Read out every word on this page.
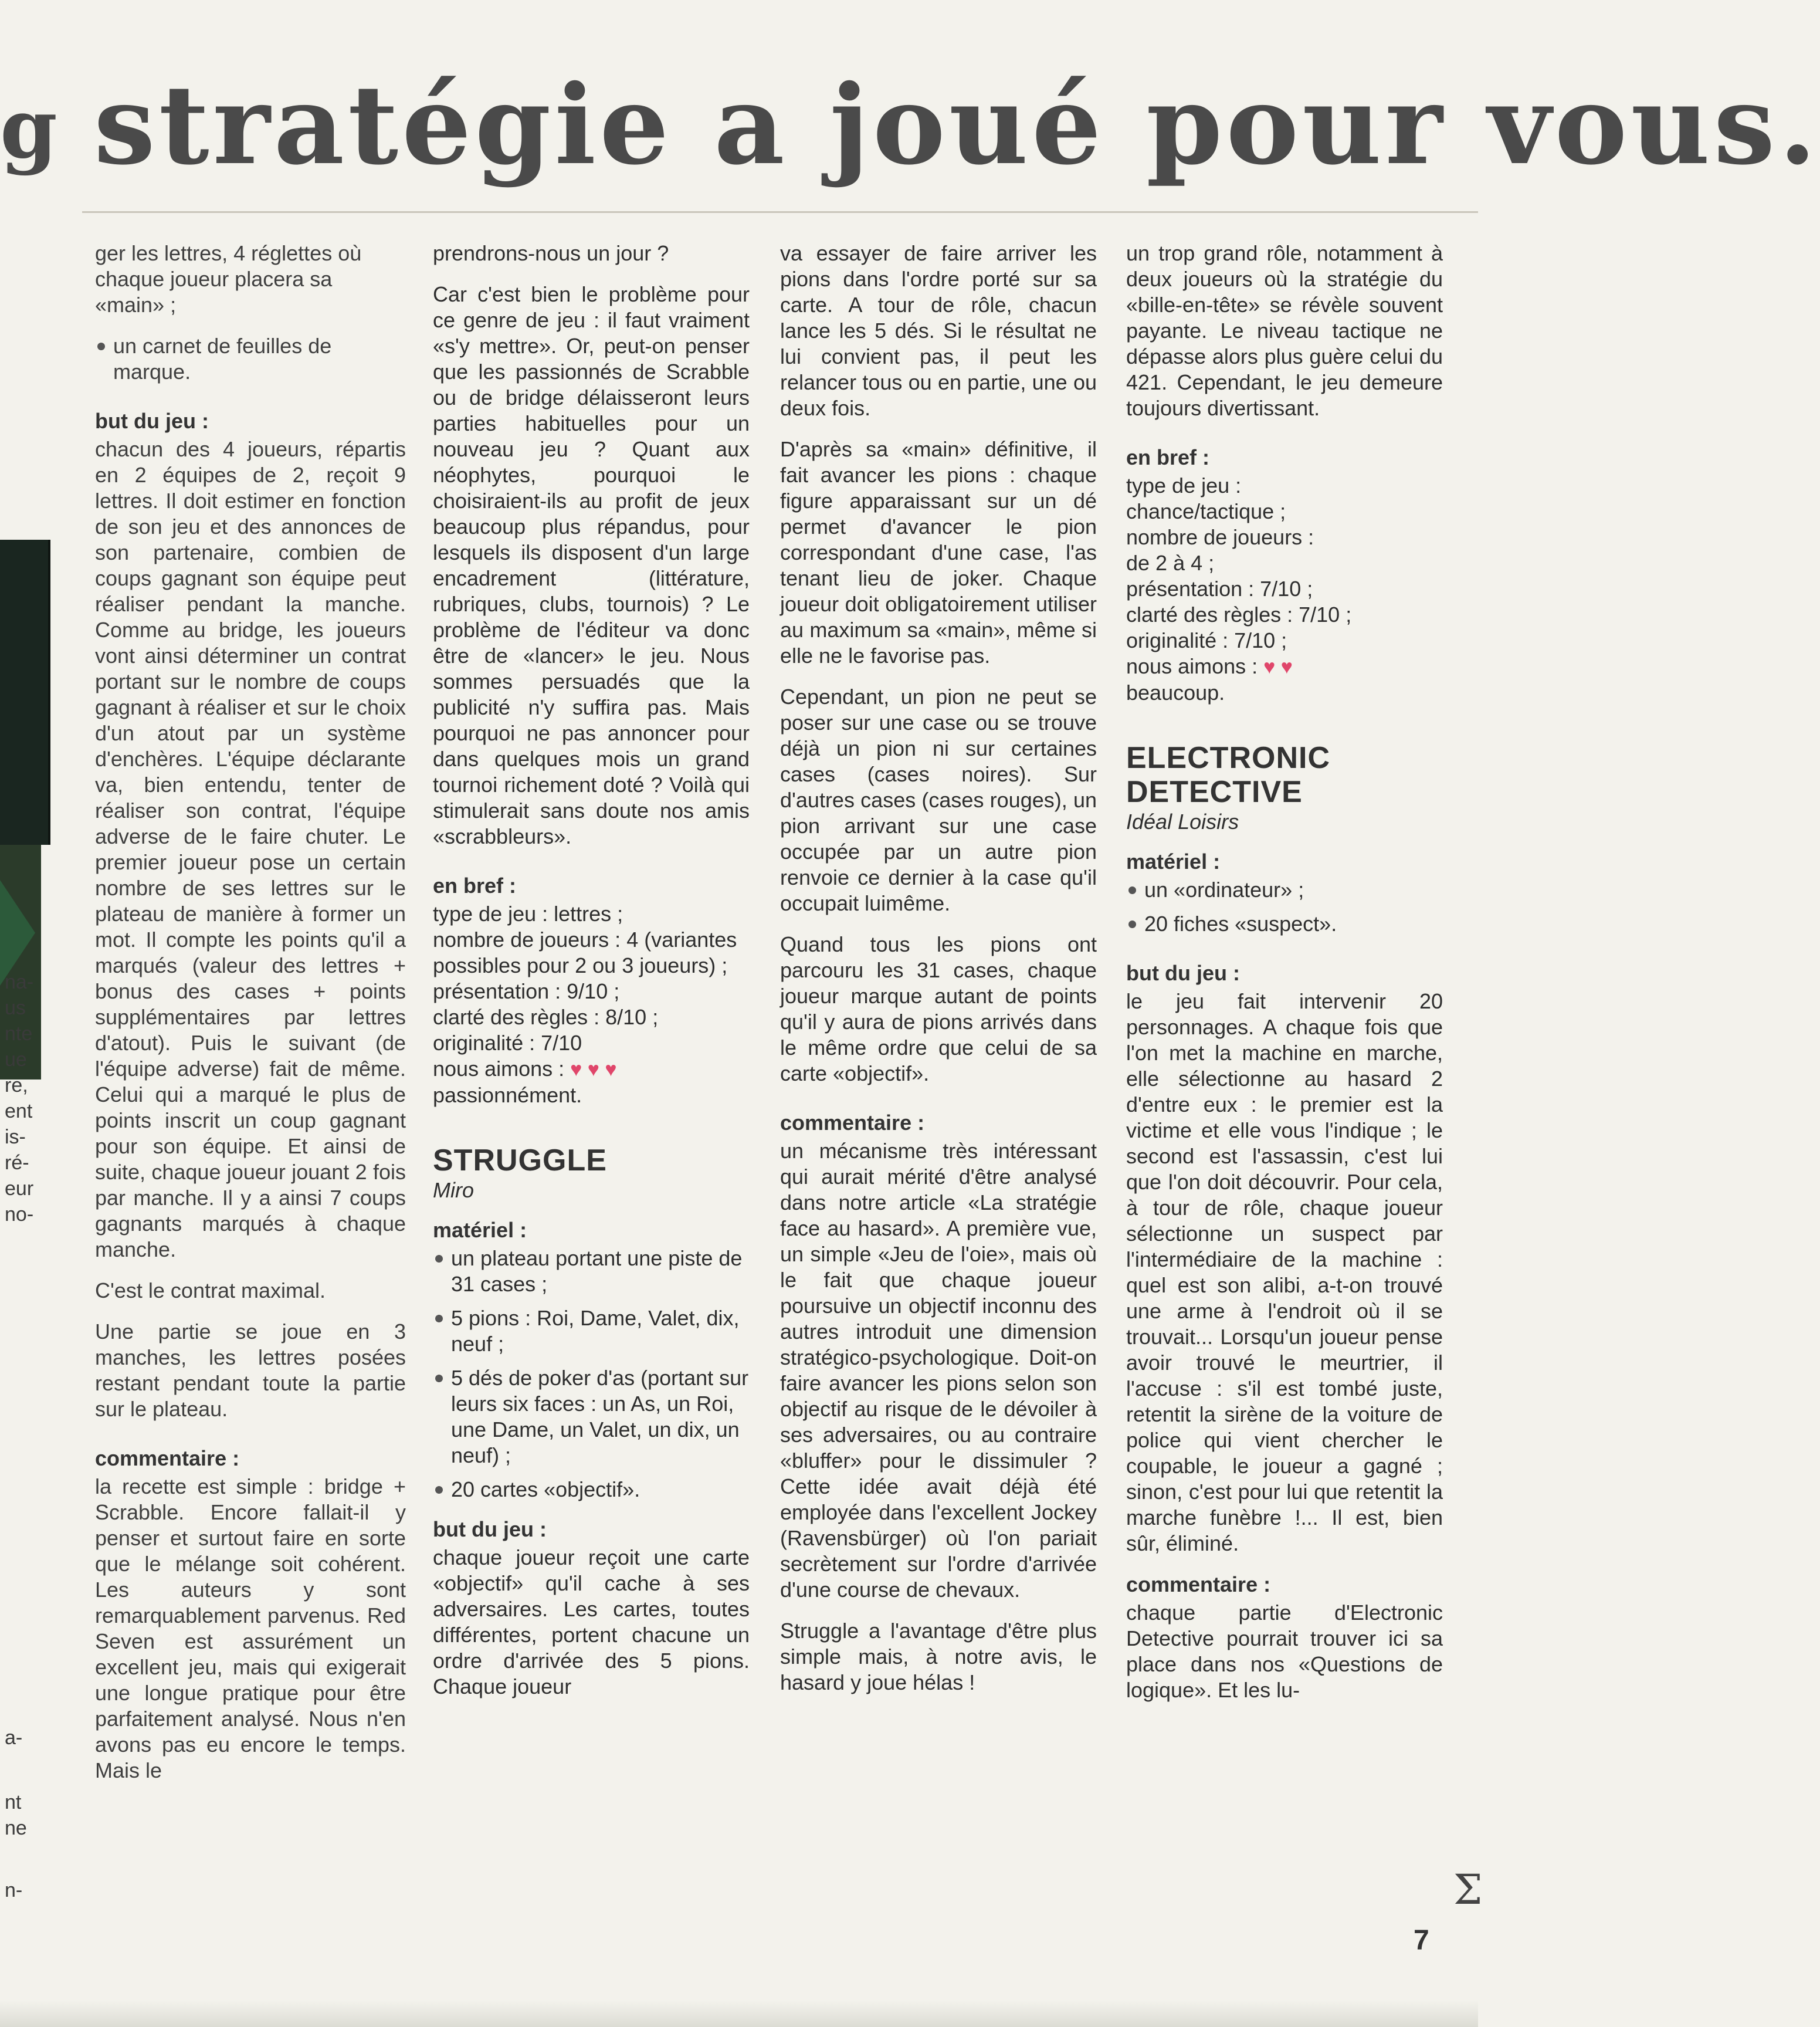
na-
us
nte
ue
re,
ent
is-
ré-
eur
no-
a-
nt
ne
n-
g stratégie a joué pour vous.

ger les lettres, 4 réglettes où
chaque joueur placera sa
«main» ;

un carnet de feuilles de marque.
but du jeu :

chacun des 4 joueurs, répartis en 2 équipes de 2, reçoit 9 lettres. Il doit estimer en fonction de son jeu et des annonces de son partenaire, combien de coups gagnant son équipe peut réaliser pendant la manche. Comme au bridge, les joueurs vont ainsi déterminer un contrat portant sur le nombre de coups gagnant à réaliser et sur le choix d'un atout par un système d'enchères. L'équipe déclarante va, bien entendu, tenter de réaliser son contrat, l'équipe adverse de le faire chuter. Le premier joueur pose un certain nombre de ses lettres sur le plateau de manière à former un mot. Il compte les points qu'il a marqués (valeur des lettres + bonus des cases + points supplémentaires par lettres d'atout). Puis le suivant (de l'équipe adverse) fait de même. Celui qui a marqué le plus de points inscrit un coup gagnant pour son équipe. Et ainsi de suite, chaque joueur jouant 2 fois par manche. Il y a ainsi 7 coups gagnants marqués à chaque manche.

C'est le contrat maximal.

Une partie se joue en 3 manches, les lettres posées restant pendant toute la partie sur le plateau.

commentaire :

la recette est simple : bridge + Scrabble. Encore fallait-il y penser et surtout faire en sorte que le mélange soit cohérent. Les auteurs y sont remarquablement parvenus. Red Seven est assurément un excellent jeu, mais qui exigerait une longue pratique pour être parfaitement analysé. Nous n'en avons pas eu encore le temps. Mais le

prendrons-nous un jour ?

Car c'est bien le problème pour ce genre de jeu : il faut vraiment «s'y mettre». Or, peut-on penser que les passionnés de Scrabble ou de bridge délaisseront leurs parties habituelles pour un nouveau jeu ? Quant aux néophytes, pourquoi le choisiraient-ils au profit de jeux beaucoup plus répandus, pour lesquels ils disposent d'un large encadrement (littérature, rubriques, clubs, tournois) ? Le problème de l'éditeur va donc être de «lancer» le jeu. Nous sommes persuadés que la publicité n'y suffira pas. Mais pourquoi ne pas annoncer pour dans quelques mois un grand tournoi richement doté ? Voilà qui stimulerait sans doute nos amis «scrabbleurs».

en bref :
type de jeu : lettres ;
nombre de joueurs : 4 (variantes possibles pour 2 ou 3 joueurs) ;
présentation : 9/10 ;
clarté des règles : 8/10 ;
originalité : 7/10
nous aimons : ♥ ♥ ♥
passionnément.
STRUGGLE
Miro
matériel :
un plateau portant une piste de 31 cases ;
5 pions : Roi, Dame, Valet, dix, neuf ;
5 dés de poker d'as (portant sur leurs six faces : un As, un Roi, une Dame, un Valet, un dix, un neuf) ;
20 cartes «objectif».
but du jeu :

chaque joueur reçoit une carte «objectif» qu'il cache à ses adversaires. Les cartes, toutes différentes, portent chacune un ordre d'arrivée des 5 pions. Chaque joueur

va essayer de faire arriver les pions dans l'ordre porté sur sa carte. A tour de rôle, chacun lance les 5 dés. Si le résultat ne lui convient pas, il peut les relancer tous ou en partie, une ou deux fois.

D'après sa «main» définitive, il fait avancer les pions : chaque figure apparaissant sur un dé permet d'avancer le pion correspondant d'une case, l'as tenant lieu de joker. Chaque joueur doit obligatoirement utiliser au maximum sa «main», même si elle ne le favorise pas.

Cependant, un pion ne peut se poser sur une case ou se trouve déjà un pion ni sur certaines cases (cases noires). Sur d'autres cases (cases rouges), un pion arrivant sur une case occupée par un autre pion renvoie ce dernier à la case qu'il occupait luimême.

Quand tous les pions ont parcouru les 31 cases, chaque joueur marque autant de points qu'il y aura de pions arrivés dans le même ordre que celui de sa carte «objectif».

commentaire :

un mécanisme très intéressant qui aurait mérité d'être analysé dans notre article «La stratégie face au hasard». A première vue, un simple «Jeu de l'oie», mais où le fait que chaque joueur poursuive un objectif inconnu des autres introduit une dimension stratégico-psychologique. Doit-on faire avancer les pions selon son objectif au risque de le dévoiler à ses adversaires, ou au contraire «bluffer» pour le dissimuler ? Cette idée avait déjà été employée dans l'excellent Jockey (Ravensbürger) où l'on pariait secrètement sur l'ordre d'arrivée d'une course de chevaux.

Struggle a l'avantage d'être plus simple mais, à notre avis, le hasard y joue hélas !

un trop grand rôle, notamment à deux joueurs où la stratégie du «bille-en-tête» se révèle souvent payante. Le niveau tactique ne dépasse alors plus guère celui du 421. Cependant, le jeu demeure toujours divertissant.

en bref :
type de jeu :
chance/tactique ;
nombre de joueurs :
de 2 à 4 ;
présentation : 7/10 ;
clarté des règles : 7/10 ;
originalité : 7/10 ;
nous aimons : ♥ ♥
beaucoup.
ELECTRONIC DETECTIVE
Idéal Loisirs
matériel :
un «ordinateur» ;
20 fiches «suspect».
but du jeu :

le jeu fait intervenir 20 personnages. A chaque fois que l'on met la machine en marche, elle sélectionne au hasard 2 d'entre eux : le premier est la victime et elle vous l'indique ; le second est l'assassin, c'est lui que l'on doit découvrir. Pour cela, à tour de rôle, chaque joueur sélectionne un suspect par l'intermédiaire de la machine : quel est son alibi, a-t-on trouvé une arme à l'endroit où il se trouvait... Lorsqu'un joueur pense avoir trouvé le meurtrier, il l'accuse : s'il est tombé juste, retentit la sirène de la voiture de police qui vient chercher le coupable, le joueur a gagné ; sinon, c'est pour lui que retentit la marche funèbre !... Il est, bien sûr, éliminé.

commentaire :

chaque partie d'Electronic Detective pourrait trouver ici sa place dans nos «Questions de logique». Et les lu-

Σ
7
